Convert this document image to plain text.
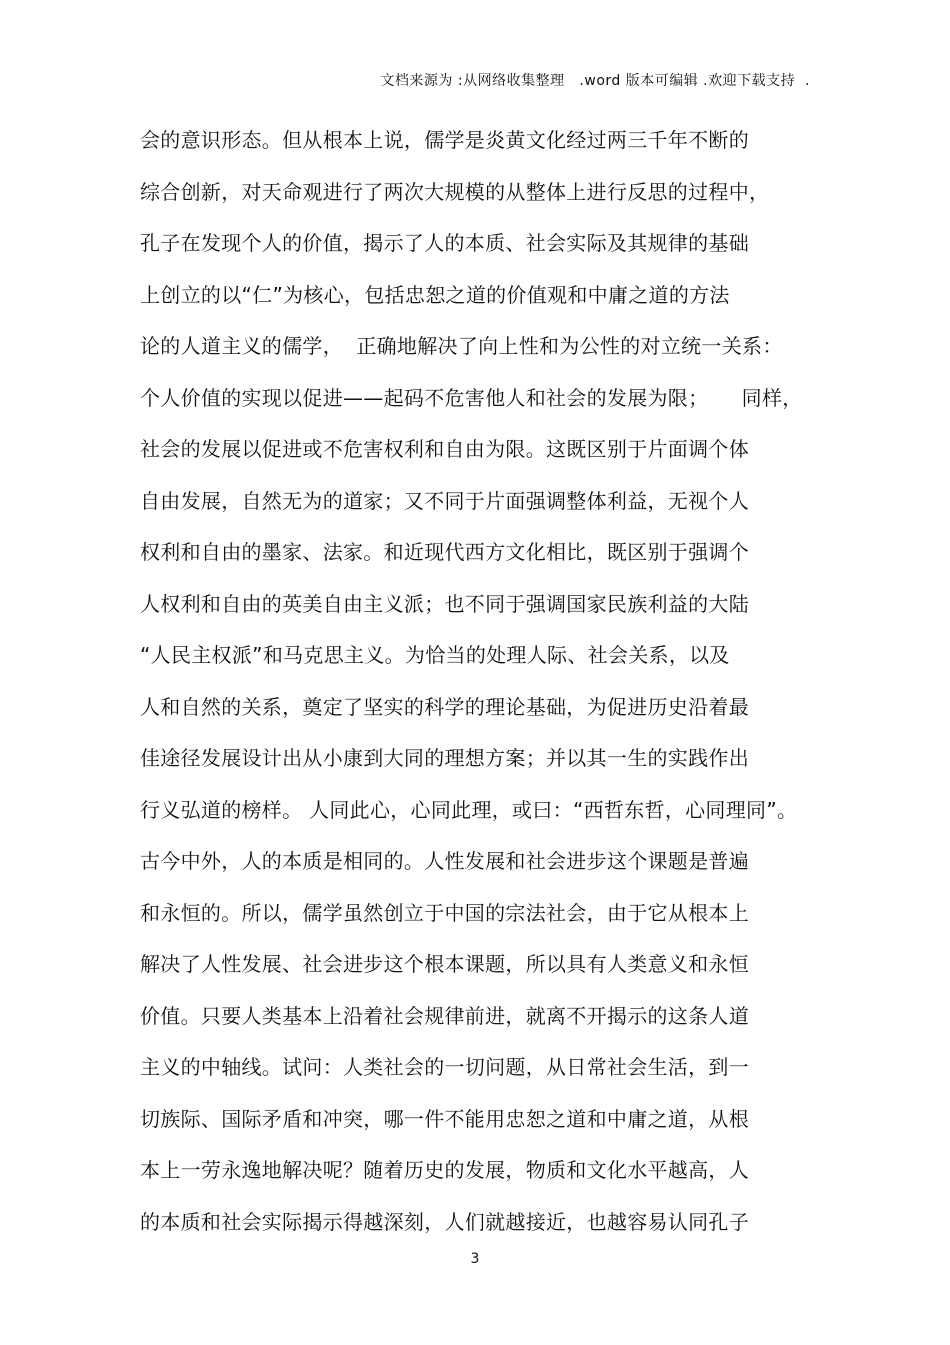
文档来源为 :从网络收集整理   .word 版本可编辑 .欢迎下载支持  .
会的意识形态。但从根本上说，儒学是炎黄文化经过两三千年不断的
综合创新，对天命观进行了两次大规模的从整体上进行反思的过程中，
孔子在发现个人的价值，揭示了人的本质、社会实际及其规律的基础
上创立的以“仁”为核心，包括忠恕之道的价值观和中庸之道的方法
论的人道主义的儒学，  正确地解决了向上性和为公性的对立统一关系：
个人价值的实现以促进——起码不危害他人和社会的发展为限；     同样，
社会的发展以促进或不危害权利和自由为限。这既区别于片面调个体
自由发展，自然无为的道家；又不同于片面强调整体利益，无视个人
权利和自由的墨家、法家。和近现代西方文化相比，既区别于强调个
人权利和自由的英美自由主义派；也不同于强调国家民族利益的大陆
“人民主权派”和马克思主义。为恰当的处理人际、社会关系，以及
人和自然的关系，奠定了坚实的科学的理论基础，为促进历史沿着最
佳途径发展设计出从小康到大同的理想方案；并以其一生的实践作出
行义弘道的榜样。 人同此心，心同此理，或曰：“西哲东哲，心同理同”。
古今中外，人的本质是相同的。人性发展和社会进步这个课题是普遍
和永恒的。所以，儒学虽然创立于中国的宗法社会，由于它从根本上
解决了人性发展、社会进步这个根本课题，所以具有人类意义和永恒
价值。只要人类基本上沿着社会规律前进，就离不开揭示的这条人道
主义的中轴线。试问：人类社会的一切问题，从日常社会生活，到一
切族际、国际矛盾和冲突，哪一件不能用忠恕之道和中庸之道，从根
本上一劳永逸地解决呢？随着历史的发展，物质和文化水平越高，人
的本质和社会实际揭示得越深刻，人们就越接近，也越容易认同孔子
3
